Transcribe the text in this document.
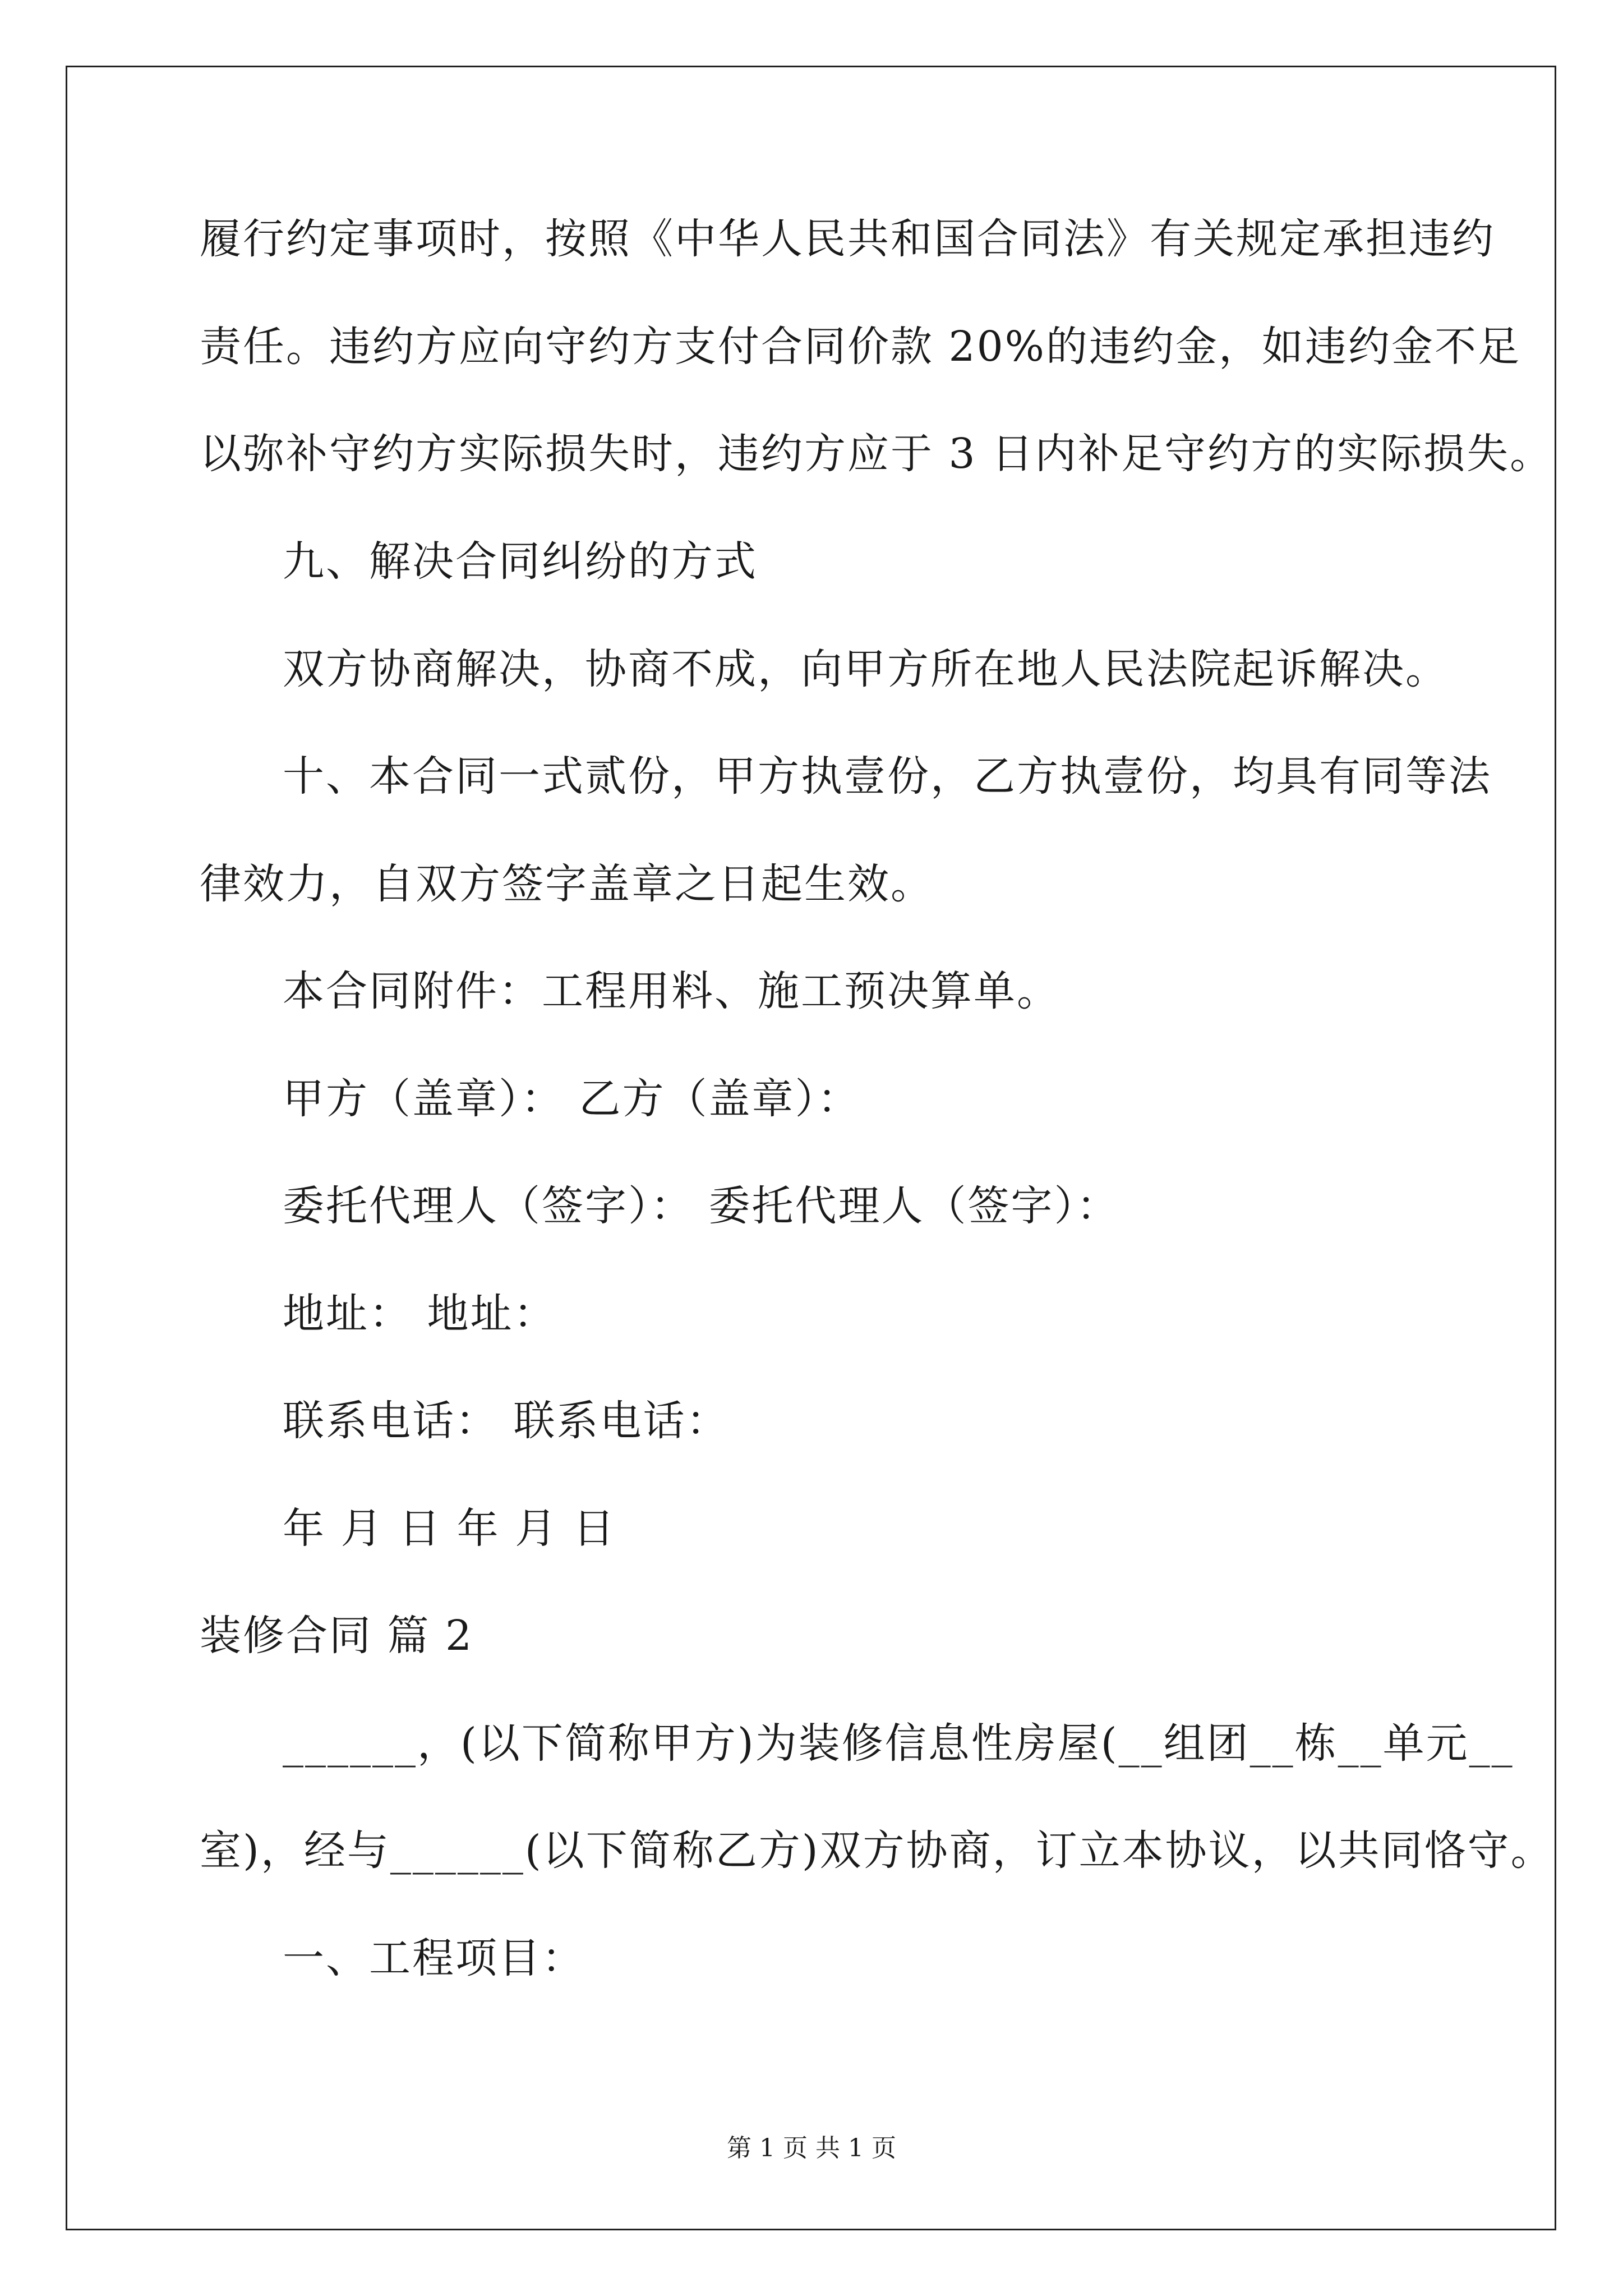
履行约定事项时，按照《中华人民共和国合同法》有关规定承担违约
责任。违约方应向守约方支付合同价款 20%的违约金，如违约金不足
以弥补守约方实际损失时，违约方应于 3 日内补足守约方的实际损失。
九、解决合同纠纷的方式
双方协商解决，协商不成，向甲方所在地人民法院起诉解决。
十、本合同一式贰份，甲方执壹份，乙方执壹份，均具有同等法
律效力，自双方签字盖章之日起生效。
本合同附件：工程用料、施工预决算单。
甲方（盖章）： 乙方（盖章）：
委托代理人（签字）： 委托代理人（签字）：
地址： 地址：
联系电话： 联系电话：
年 月 日 年 月 日
装修合同 篇 2
______，(以下简称甲方)为装修信息性房屋(__组团__栋__单元__
室)，经与______(以下简称乙方)双方协商，订立本协议，以共同恪守。
一、工程项目：
第 1 页 共 1 页
